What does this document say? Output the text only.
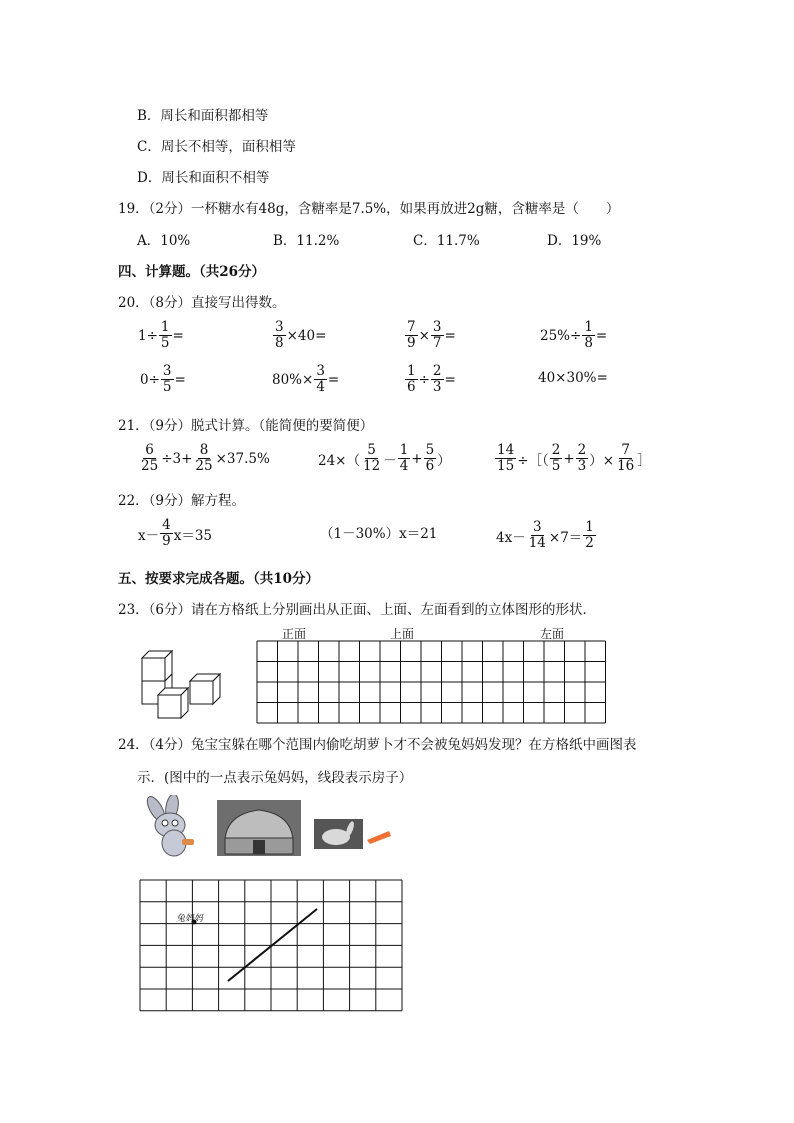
B．周长和面积都相等
C．周长不相等，面积相等
D．周长和面积不相等
19．（2分）一杯糖水有48g，含糖率是7.5%，如果再放进2g糖，含糖率是（　　）
A．10%	B．11.2%	C．11.7%	D．19%
四、计算题。（共26分）
20．（8分）直接写出得数。
$1 \div \frac{1}{5}$ =	$\frac{3}{8} \times 40=$	$\frac{7}{9} \times \frac{3}{7}$ =	$25\%\div \frac{1}{8}$ =
$0 \div \frac{3}{5}$ =	$80\%\times \frac{3}{4}$ =	$\frac{1}{6} \div \frac{2}{3}$ =	40×30%=
21．（9分）脱式计算。（能简便的要简便）
$\frac{6}{25} \div 3+ \frac{8}{25} \times 37.5\%$	$24\times( \frac{5}{12} - \frac{1}{4} + \frac{5}{6}$ ）	$\frac{14}{15}$ ÷［（ $\frac{2}{5} + \frac{2}{3}$ ）× $\frac{7}{16}$ ］
22．（9分）解方程。
$x- \frac{4}{9} x=35$	（1－30%）x＝21	$4x- \frac{3}{14} \times 7= \frac{1}{2}$
五、按要求完成各题。（共10分）
23．（6分）请在方格纸上分别画出从正面、上面、左面看到的立体图形的形状．
正面	上面	左面
24．（4分）兔宝宝躲在哪个范围内偷吃胡萝卜才不会被兔妈妈发现？在方格纸中画图表
示．(图中的一点表示兔妈妈，线段表示房子）
兔妈妈
